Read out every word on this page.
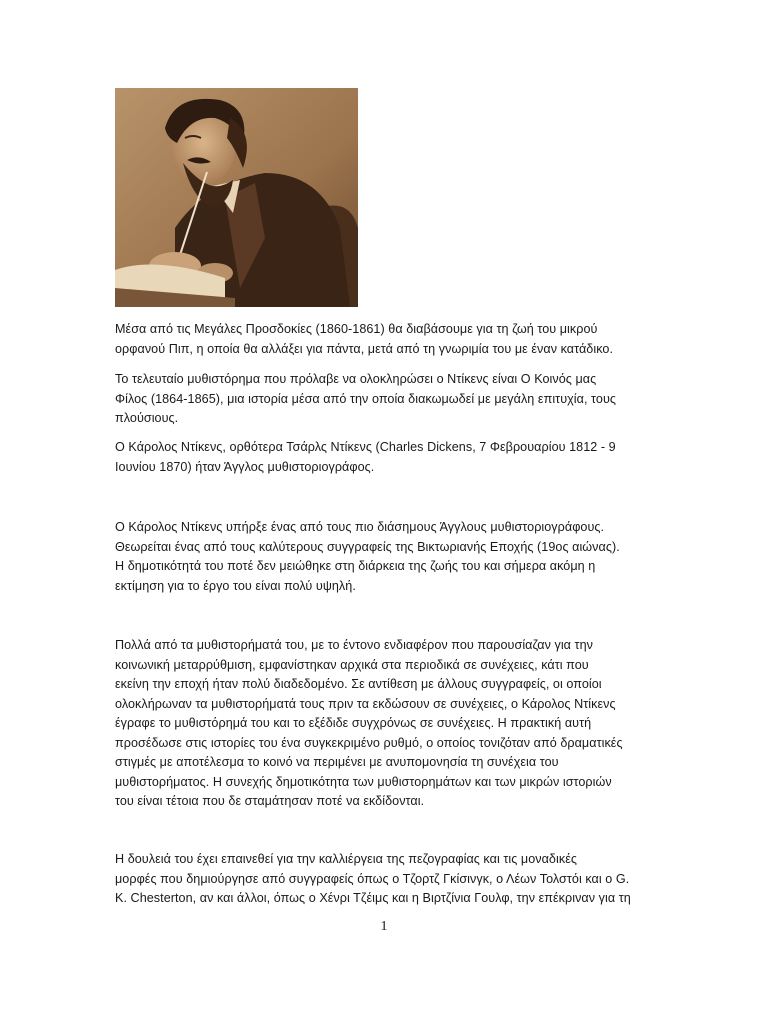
Μέσα από τις Μεγάλες Προσδοκίες (1860-1861) θα διαβάσουμε για τη ζωή του μικρού
ορφανού Πιπ, η οποία θα αλλάξει για πάντα, μετά από τη γνωριμία του με έναν κατάδικο.

Το τελευταίο μυθιστόρημα που πρόλαβε να ολοκληρώσει ο Ντίκενς είναι Ο Κοινός μας
Φίλος (1864-1865), μια ιστορία μέσα από την οποία διακωμωδεί με μεγάλη επιτυχία, τους
πλούσιους.

Ο Κάρολος Ντίκενς, ορθότερα Τσάρλς Ντίκενς (Charles Dickens, 7 Φεβρουαρίου 1812 - 9
Ιουνίου 1870) ήταν Άγγλος μυθιστοριογράφος.

Ο Κάρολος Ντίκενς υπήρξε ένας από τους πιο διάσημους Άγγλους μυθιστοριογράφους.
Θεωρείται ένας από τους καλύτερους συγγραφείς της Βικτωριανής Εποχής (19ος αιώνας).
Η δημοτικότητά του ποτέ δεν μειώθηκε στη διάρκεια της ζωής του και σήμερα ακόμη η
εκτίμηση για το έργο του είναι πολύ υψηλή.

Πολλά από τα μυθιστορήματά του, με το έντονο ενδιαφέρον που παρουσίαζαν για την
κοινωνική μεταρρύθμιση, εμφανίστηκαν αρχικά στα περιοδικά σε συνέχειες, κάτι που
εκείνη την εποχή ήταν πολύ διαδεδομένο. Σε αντίθεση με άλλους συγγραφείς, οι οποίοι
ολοκλήρωναν τα μυθιστορήματά τους πριν τα εκδώσουν σε συνέχειες, ο Κάρολος Ντίκενς
έγραφε το μυθιστόρημά του και το εξέδιδε συγχρόνως σε συνέχειες. Η πρακτική αυτή
προσέδωσε στις ιστορίες του ένα συγκεκριμένο ρυθμό, ο οποίος τονιζόταν από δραματικές
στιγμές με αποτέλεσμα το κοινό να περιμένει με ανυπομονησία τη συνέχεια του
μυθιστορήματος. Η συνεχής δημοτικότητα των μυθιστορημάτων και των μικρών ιστοριών
του είναι τέτοια που δε σταμάτησαν ποτέ να εκδίδονται.

Η δουλειά του έχει επαινεθεί για την καλλιέργεια της πεζογραφίας και τις μοναδικές
μορφές που δημιούργησε από συγγραφείς όπως ο Τζορτζ Γκίσινγκ, ο Λέων Τολστόι και ο G.
K. Chesterton, αν και άλλοι, όπως ο Χένρι Τζέιμς και η Βιρτζίνια Γουλφ, την επέκριναν για τη

1
